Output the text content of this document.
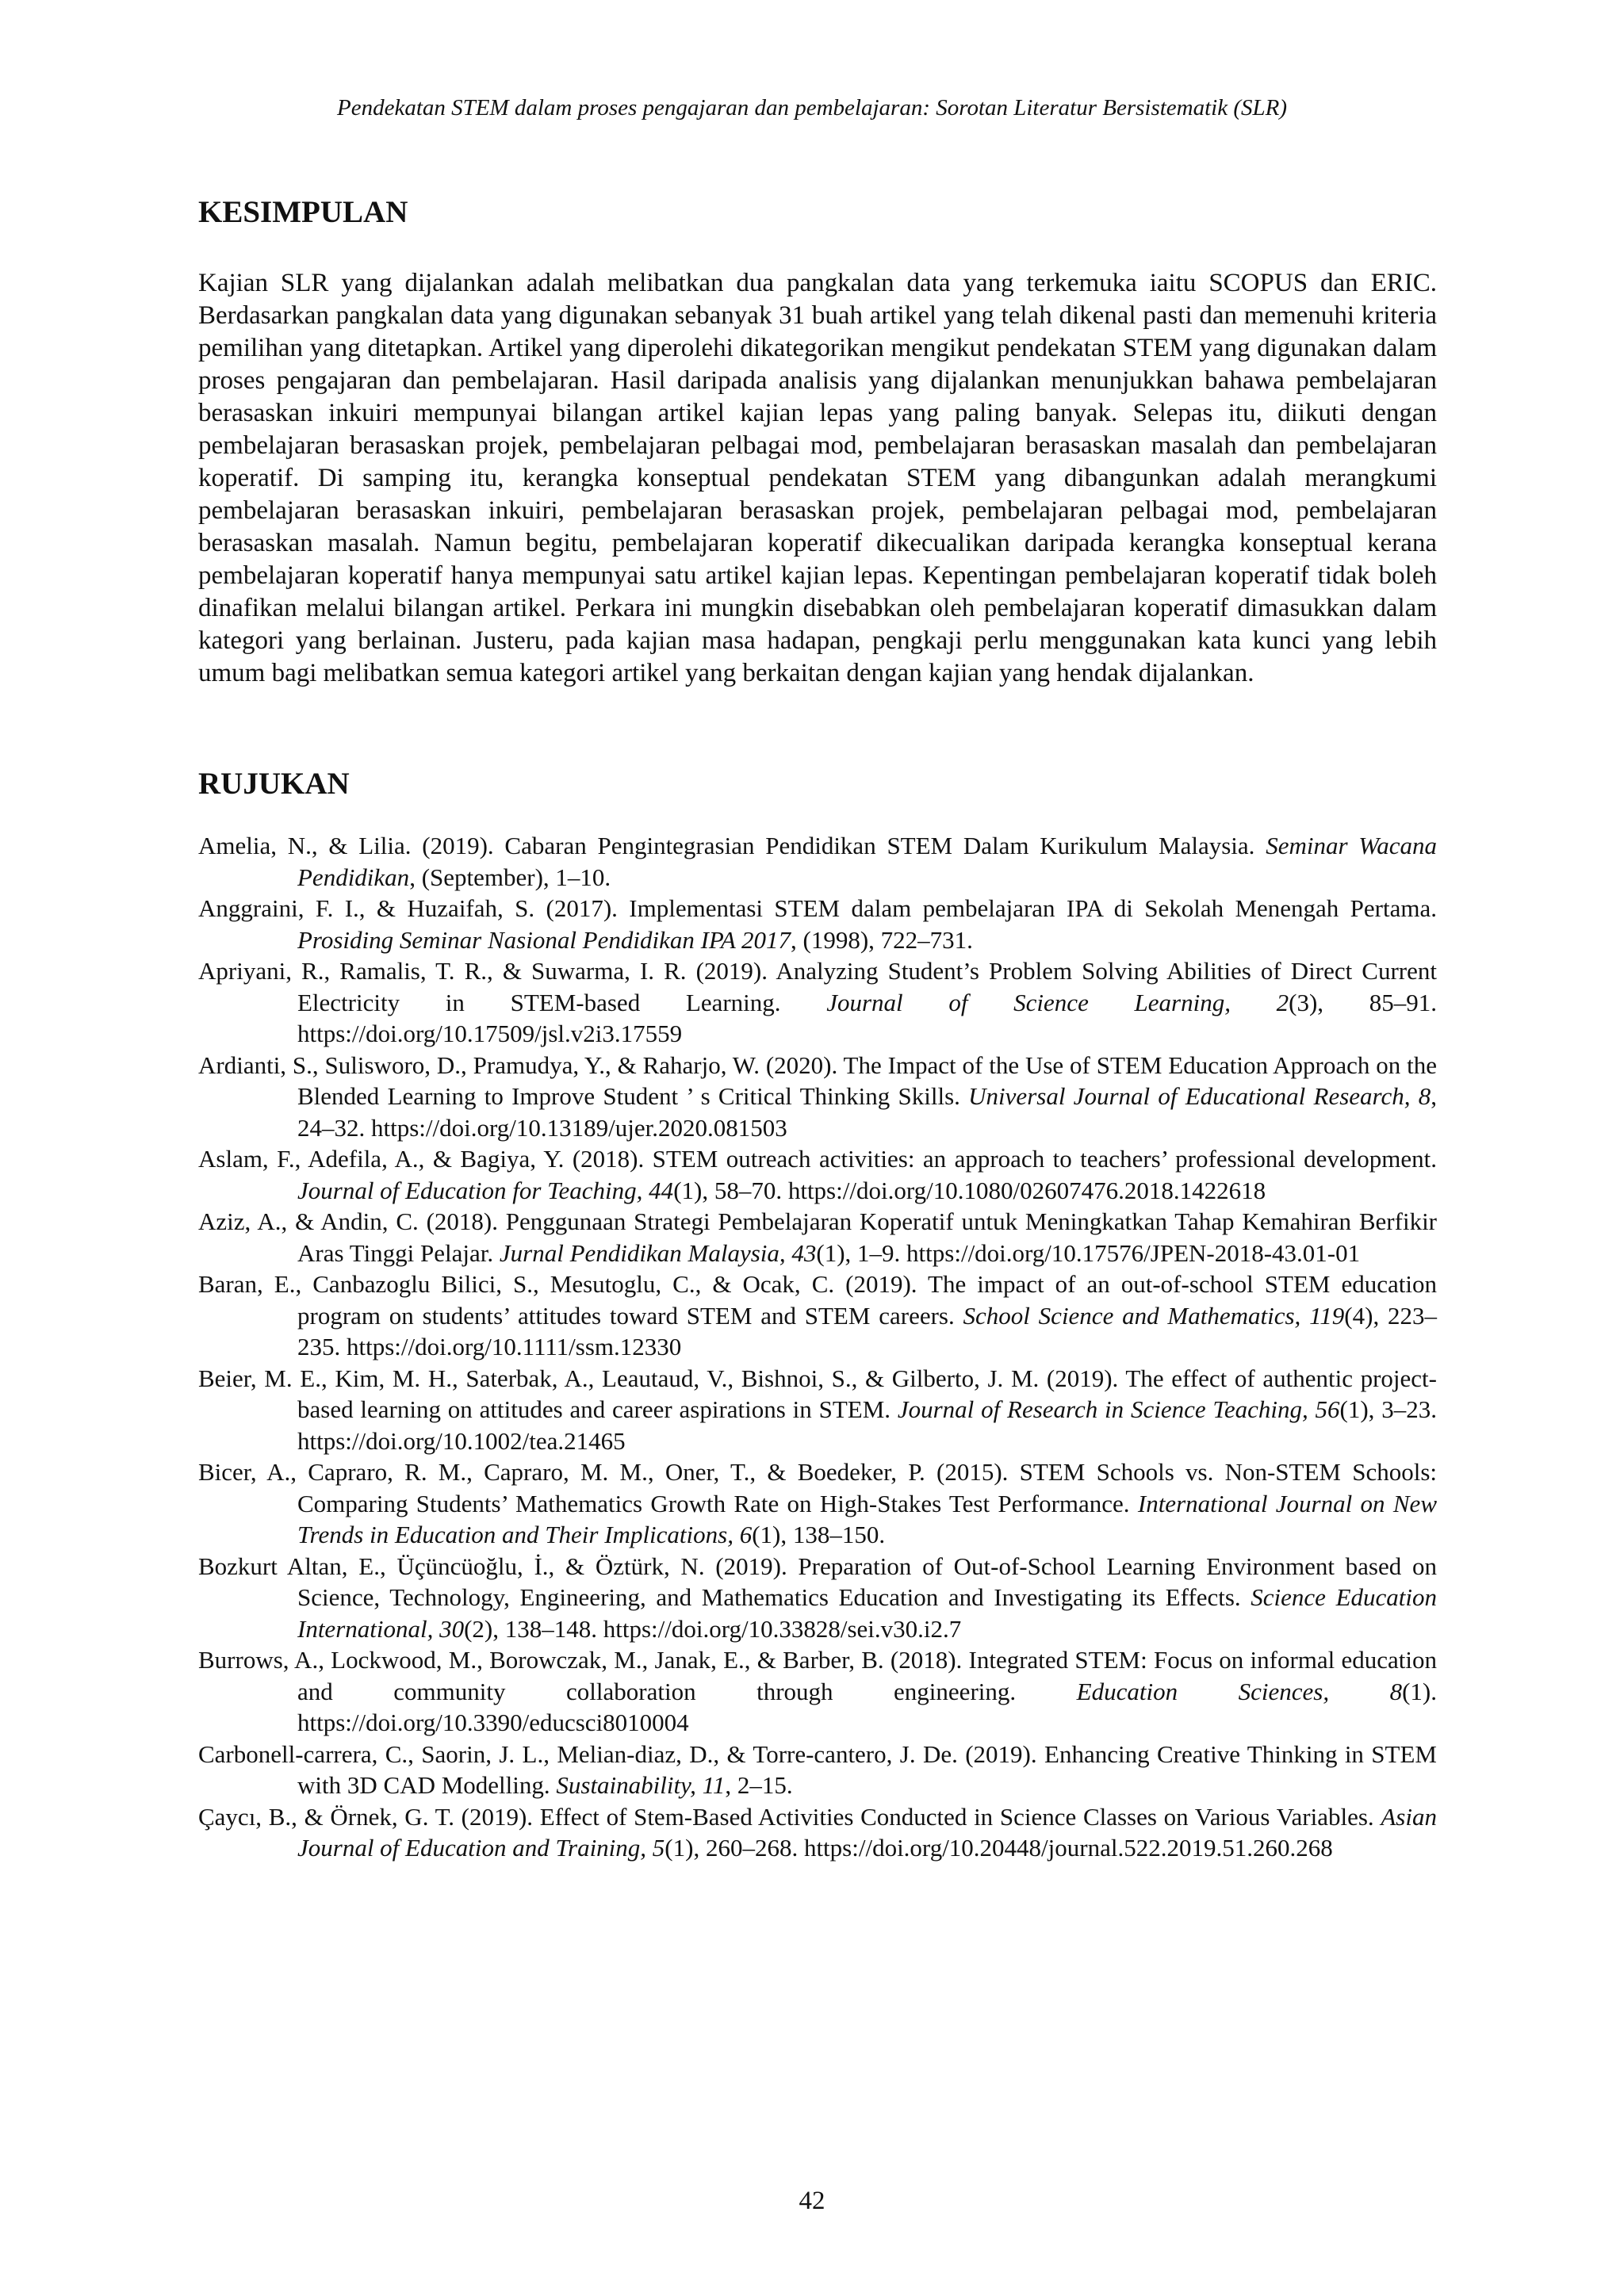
Pendekatan STEM dalam proses pengajaran dan pembelajaran: Sorotan Literatur Bersistematik (SLR)
KESIMPULAN

Kajian SLR yang dijalankan adalah melibatkan dua pangkalan data yang terkemuka iaitu SCOPUS dan ERIC. Berdasarkan pangkalan data yang digunakan sebanyak 31 buah artikel yang telah dikenal pasti dan memenuhi kriteria pemilihan yang ditetapkan. Artikel yang diperolehi dikategorikan mengikut pendekatan STEM yang digunakan dalam proses pengajaran dan pembelajaran. Hasil daripada analisis yang dijalankan menunjukkan bahawa pembelajaran berasaskan inkuiri mempunyai bilangan artikel kajian lepas yang paling banyak. Selepas itu, diikuti dengan pembelajaran berasaskan projek, pembelajaran pelbagai mod, pembelajaran berasaskan masalah dan pembelajaran koperatif. Di samping itu, kerangka konseptual pendekatan STEM yang dibangunkan adalah merangkumi pembelajaran berasaskan inkuiri, pembelajaran berasaskan projek, pembelajaran pelbagai mod, pembelajaran berasaskan masalah. Namun begitu, pembelajaran koperatif dikecualikan daripada kerangka konseptual kerana pembelajaran koperatif hanya mempunyai satu artikel kajian lepas. Kepentingan pembelajaran koperatif tidak boleh dinafikan melalui bilangan artikel. Perkara ini mungkin disebabkan oleh pembelajaran koperatif dimasukkan dalam kategori yang berlainan. Justeru, pada kajian masa hadapan, pengkaji perlu menggunakan kata kunci yang lebih umum bagi melibatkan semua kategori artikel yang berkaitan dengan kajian yang hendak dijalankan.

RUJUKAN

Amelia, N., & Lilia. (2019). Cabaran Pengintegrasian Pendidikan STEM Dalam Kurikulum Malaysia. Seminar Wacana Pendidikan, (September), 1–10.

Anggraini, F. I., & Huzaifah, S. (2017). Implementasi STEM dalam pembelajaran IPA di Sekolah Menengah Pertama. Prosiding Seminar Nasional Pendidikan IPA 2017, (1998), 722–731.

Apriyani, R., Ramalis, T. R., & Suwarma, I. R. (2019). Analyzing Student’s Problem Solving Abilities of Direct Current Electricity in STEM-based Learning. Journal of Science Learning, 2(3), 85–91. https://doi.org/10.17509/jsl.v2i3.17559

Ardianti, S., Sulisworo, D., Pramudya, Y., & Raharjo, W. (2020). The Impact of the Use of STEM Education Approach on the Blended Learning to Improve Student ’ s Critical Thinking Skills. Universal Journal of Educational Research, 8, 24–32. https://doi.org/10.13189/ujer.2020.081503

Aslam, F., Adefila, A., & Bagiya, Y. (2018). STEM outreach activities: an approach to teachers’ professional development. Journal of Education for Teaching, 44(1), 58–70. https://doi.org/10.1080/02607476.2018.1422618

Aziz, A., & Andin, C. (2018). Penggunaan Strategi Pembelajaran Koperatif untuk Meningkatkan Tahap Kemahiran Berfikir Aras Tinggi Pelajar. Jurnal Pendidikan Malaysia, 43(1), 1–9. https://doi.org/10.17576/JPEN-2018-43.01-01

Baran, E., Canbazoglu Bilici, S., Mesutoglu, C., & Ocak, C. (2019). The impact of an out-of-school STEM education program on students’ attitudes toward STEM and STEM careers. School Science and Mathematics, 119(4), 223–235. https://doi.org/10.1111/ssm.12330

Beier, M. E., Kim, M. H., Saterbak, A., Leautaud, V., Bishnoi, S., & Gilberto, J. M. (2019). The effect of authentic project-based learning on attitudes and career aspirations in STEM. Journal of Research in Science Teaching, 56(1), 3–23. https://doi.org/10.1002/tea.21465

Bicer, A., Capraro, R. M., Capraro, M. M., Oner, T., & Boedeker, P. (2015). STEM Schools vs. Non-STEM Schools: Comparing Students’ Mathematics Growth Rate on High-Stakes Test Performance. International Journal on New Trends in Education and Their Implications, 6(1), 138–150.

Bozkurt Altan, E., Üçüncüoğlu, İ., & Öztürk, N. (2019). Preparation of Out-of-School Learning Environment based on Science, Technology, Engineering, and Mathematics Education and Investigating its Effects. Science Education International, 30(2), 138–148. https://doi.org/10.33828/sei.v30.i2.7

Burrows, A., Lockwood, M., Borowczak, M., Janak, E., & Barber, B. (2018). Integrated STEM: Focus on informal education and community collaboration through engineering. Education Sciences, 8(1). https://doi.org/10.3390/educsci8010004

Carbonell-carrera, C., Saorin, J. L., Melian-diaz, D., & Torre-cantero, J. De. (2019). Enhancing Creative Thinking in STEM with 3D CAD Modelling. Sustainability, 11, 2–15.

Çaycı, B., & Örnek, G. T. (2019). Effect of Stem-Based Activities Conducted in Science Classes on Various Variables. Asian Journal of Education and Training, 5(1), 260–268. https://doi.org/10.20448/journal.522.2019.51.260.268

42
